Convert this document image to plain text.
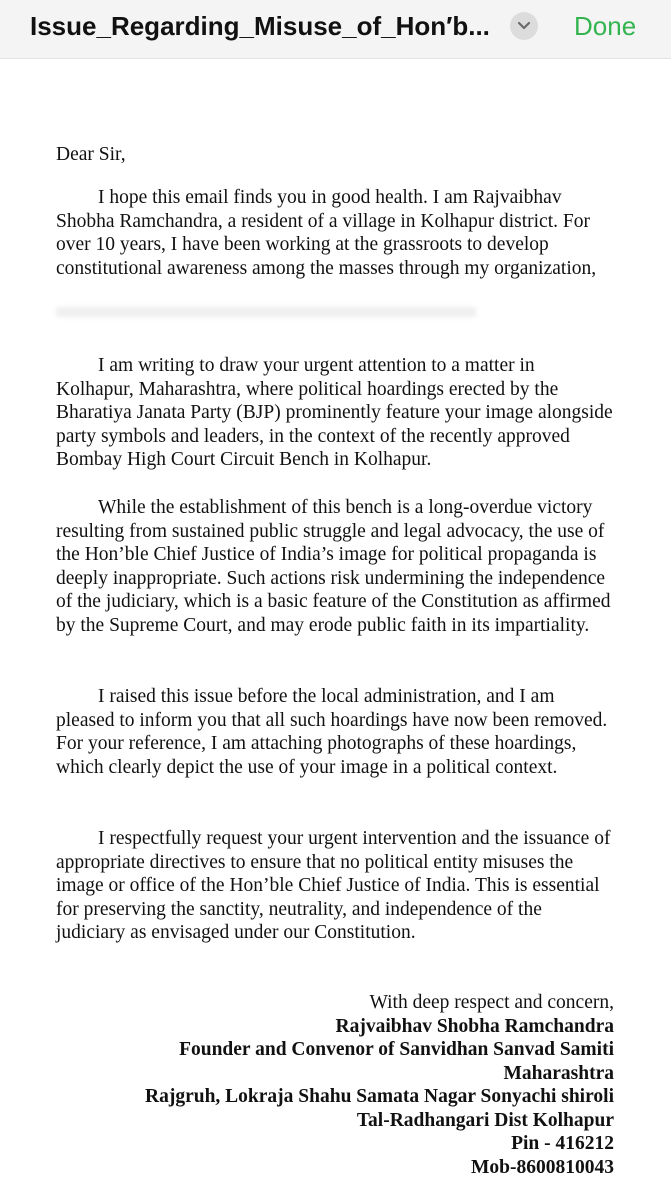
Issue_Regarding_Misuse_of_Hon′b...	Done
Dear Sir,

I hope this email finds you in good health. I am Rajvaibhav Shobha Ramchandra, a resident of a village in Kolhapur district. For over 10 years, I have been working at the grassroots to develop constitutional awareness among the masses through my organization,

I am writing to draw your urgent attention to a matter in Kolhapur, Maharashtra, where political hoardings erected by the Bharatiya Janata Party (BJP) prominently feature your image alongside party symbols and leaders, in the context of the recently approved Bombay High Court Circuit Bench in Kolhapur.

While the establishment of this bench is a long-overdue victory resulting from sustained public struggle and legal advocacy, the use of the Hon’ble Chief Justice of India’s image for political propaganda is deeply inappropriate. Such actions risk undermining the independence of the judiciary, which is a basic feature of the Constitution as affirmed by the Supreme Court, and may erode public faith in its impartiality.

I raised this issue before the local administration, and I am pleased to inform you that all such hoardings have now been removed. For your reference, I am attaching photographs of these hoardings, which clearly depict the use of your image in a political context.

I respectfully request your urgent intervention and the issuance of appropriate directives to ensure that no political entity misuses the image or office of the Hon’ble Chief Justice of India. This is essential for preserving the sanctity, neutrality, and independence of the judiciary as envisaged under our Constitution.

With deep respect and concern,
Rajvaibhav Shobha Ramchandra
Founder and Convenor of Sanvidhan Sanvad Samiti
Maharashtra
Rajgruh, Lokraja Shahu Samata Nagar Sonyachi shiroli
Tal-Radhangari Dist Kolhapur
Pin - 416212
Mob-8600810043
